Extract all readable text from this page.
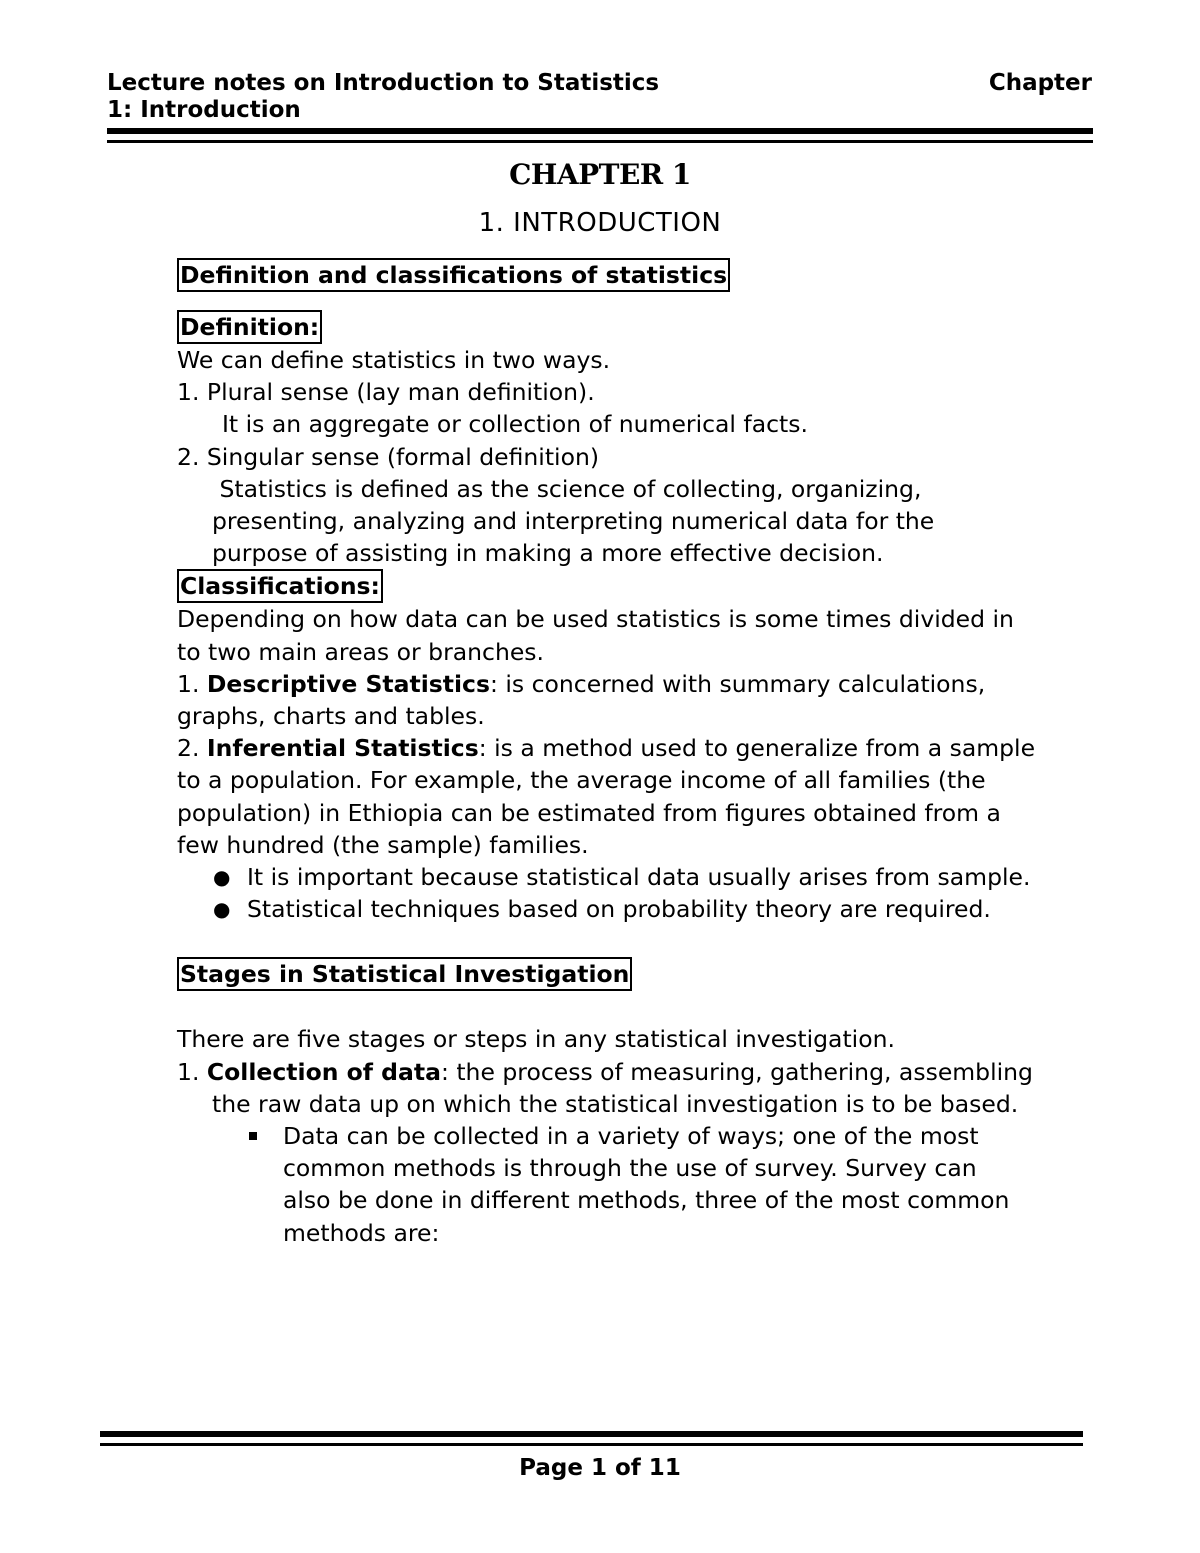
Lecture notes on Introduction to Statistics	Chapter
1: Introduction
CHAPTER 1
1. INTRODUCTION
Definition and classifications of statistics
Definition:
We can define statistics in two ways.
1. Plural sense (lay man definition).
It is an aggregate or collection of numerical facts.
2. Singular sense (formal definition)
Statistics is defined as the science of collecting, organizing, presenting, analyzing and interpreting numerical data for the purpose of assisting in making a more effective decision.
Classifications:
Depending on how data can be used statistics is some times divided in to two main areas or branches.
1. Descriptive Statistics: is concerned with summary calculations, graphs, charts and tables.
2. Inferential Statistics: is a method used to generalize from a sample to a population. For example, the average income of all families (the population) in Ethiopia can be estimated from figures obtained from a few hundred (the sample) families.
● It is important because statistical data usually arises from sample.
● Statistical techniques based on probability theory are required.
Stages in Statistical Investigation
There are five stages or steps in any statistical investigation.
1. Collection of data: the process of measuring, gathering, assembling the raw data up on which the statistical investigation is to be based.
Data can be collected in a variety of ways; one of the most common methods is through the use of survey. Survey can also be done in different methods, three of the most common methods are:
Page 1 of 11
